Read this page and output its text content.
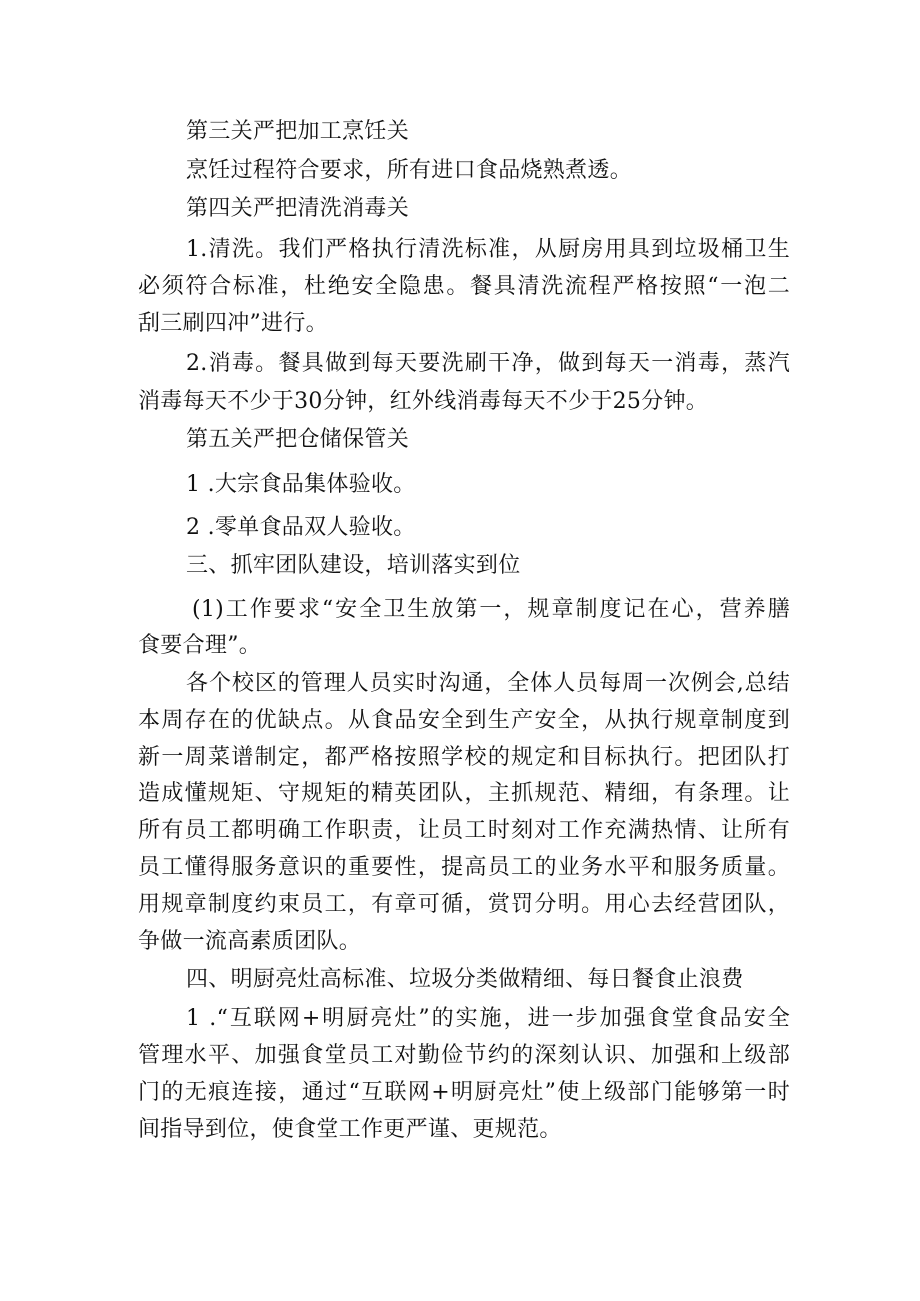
第三关严把加工烹饪关
烹饪过程符合要求，所有进口食品烧熟煮透。
第四关严把清洗消毒关
1.清洗。我们严格执行清洗标准，从厨房用具到垃圾桶卫生
必须符合标准，杜绝安全隐患。餐具清洗流程严格按照“一泡二
刮三刷四冲”进行。
2.消毒。餐具做到每天要洗刷干净，做到每天一消毒，蒸汽
消毒每天不少于30分钟，红外线消毒每天不少于25分钟。
第五关严把仓储保管关
1 .大宗食品集体验收。
2 .零单食品双人验收。
三、抓牢团队建设，培训落实到位
(1)工作要求“安全卫生放第一，规章制度记在心，营养膳
食要合理”。
各个校区的管理人员实时沟通，全体人员每周一次例会,总结
本周存在的优缺点。从食品安全到生产安全，从执行规章制度到
新一周菜谱制定，都严格按照学校的规定和目标执行。把团队打
造成懂规矩、守规矩的精英团队，主抓规范、精细，有条理。让
所有员工都明确工作职责，让员工时刻对工作充满热情、让所有
员工懂得服务意识的重要性，提高员工的业务水平和服务质量。
用规章制度约束员工，有章可循，赏罚分明。用心去经营团队，
争做一流高素质团队。
四、明厨亮灶高标准、垃圾分类做精细、每日餐食止浪费
1 .“互联网+明厨亮灶”的实施，进一步加强食堂食品安全
管理水平、加强食堂员工对勤俭节约的深刻认识、加强和上级部
门的无痕连接，通过“互联网+明厨亮灶”使上级部门能够第一时
间指导到位，使食堂工作更严谨、更规范。
